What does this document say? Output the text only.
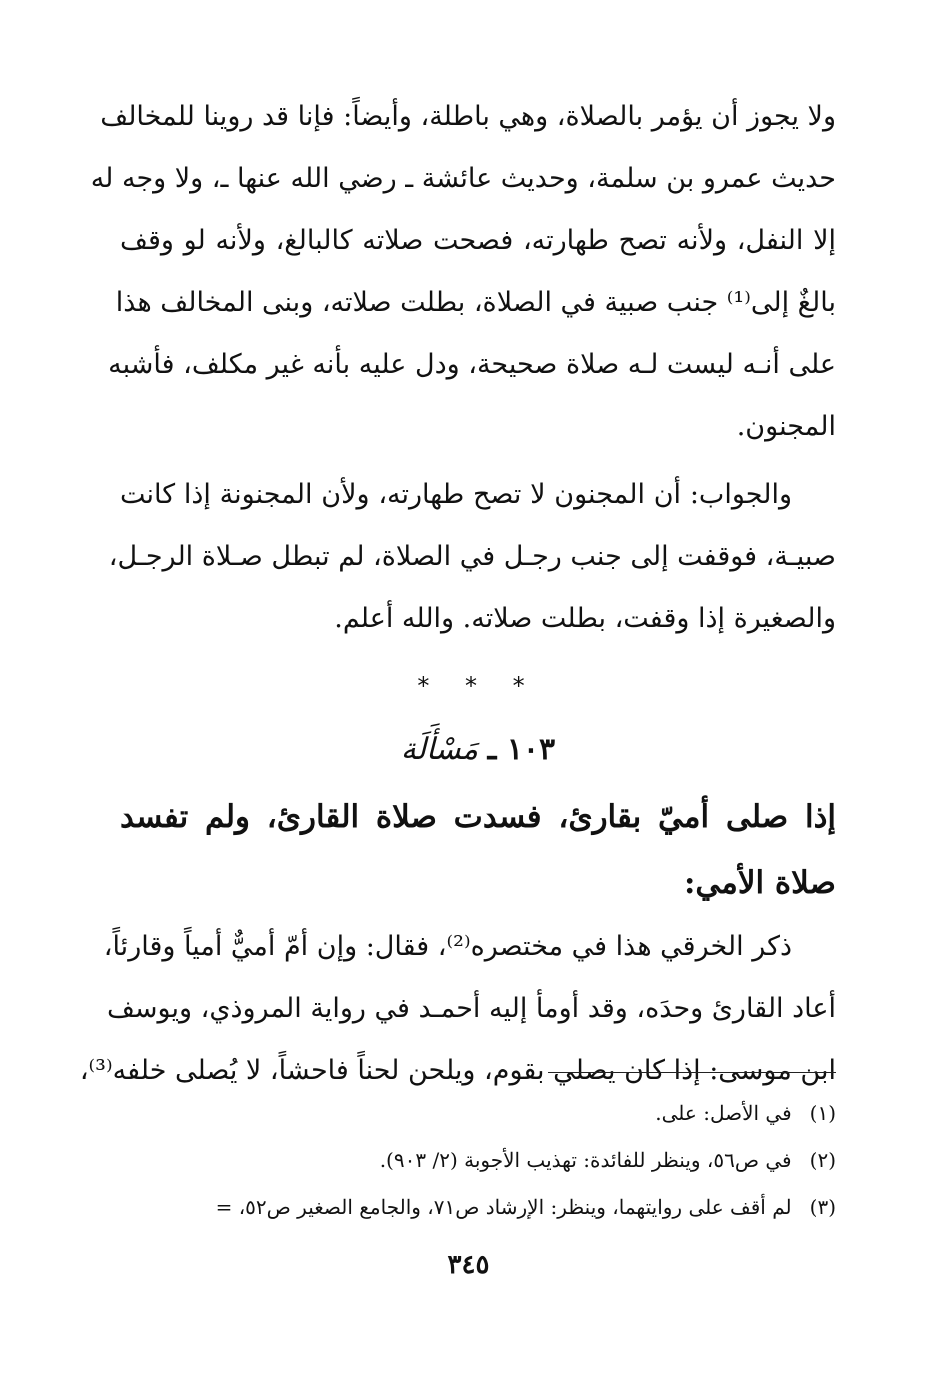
ولا يجوز أن يؤمر بالصلاة، وهي باطلة، وأيضاً: فإنا قد روينا للمخالف
حديث عمرو بن سلمة، وحديث عائشة ـ رضي الله عنها ـ، ولا وجه له
إلا النفل، ولأنه تصح طهارته، فصحت صلاته كالبالغ، ولأنه لو وقف
بالغٌ إلى⁽¹⁾ جنب صبية في الصلاة، بطلت صلاته، وبنى المخالف هذا
على أنـه ليست لـه صلاة صحيحة، ودل عليه بأنه غير مكلف، فأشبه
المجنون.
والجواب: أن المجنون لا تصح طهارته، ولأن المجنونة إذا كانت
صبيـة، فوقفت إلى جنب رجـل في الصلاة، لم تبطل صـلاة الرجـل،
والصغيرة إذا وقفت، بطلت صلاته. والله أعلم.
* * *
١٠٣ ـ مَسْأَلَة
إذا صلى أميّ بقارئ، فسدت صلاة القارئ، ولم تفسد
صلاة الأمي:
ذكر الخرقي هذا في مختصره⁽²⁾، فقال: وإن أمّ أميٌّ أمياً وقارئاً،
أعاد القارئ وحدَه، وقد أومأ إليه أحمـد في رواية المروذي، ويوسف
ابن موسى: إذا كان يصلي بقوم، ويلحن لحناً فاحشاً، لا يُصلى خلفه⁽³⁾،
(١)في الأصل: على.
(٢)في ص٥٦، وينظر للفائدة: تهذيب الأجوبة (٢/ ٩٠٣).
(٣)لم أقف على روايتهما، وينظر: الإرشاد ص٧١، والجامع الصغير ص٥٢، =
٣٤٥
